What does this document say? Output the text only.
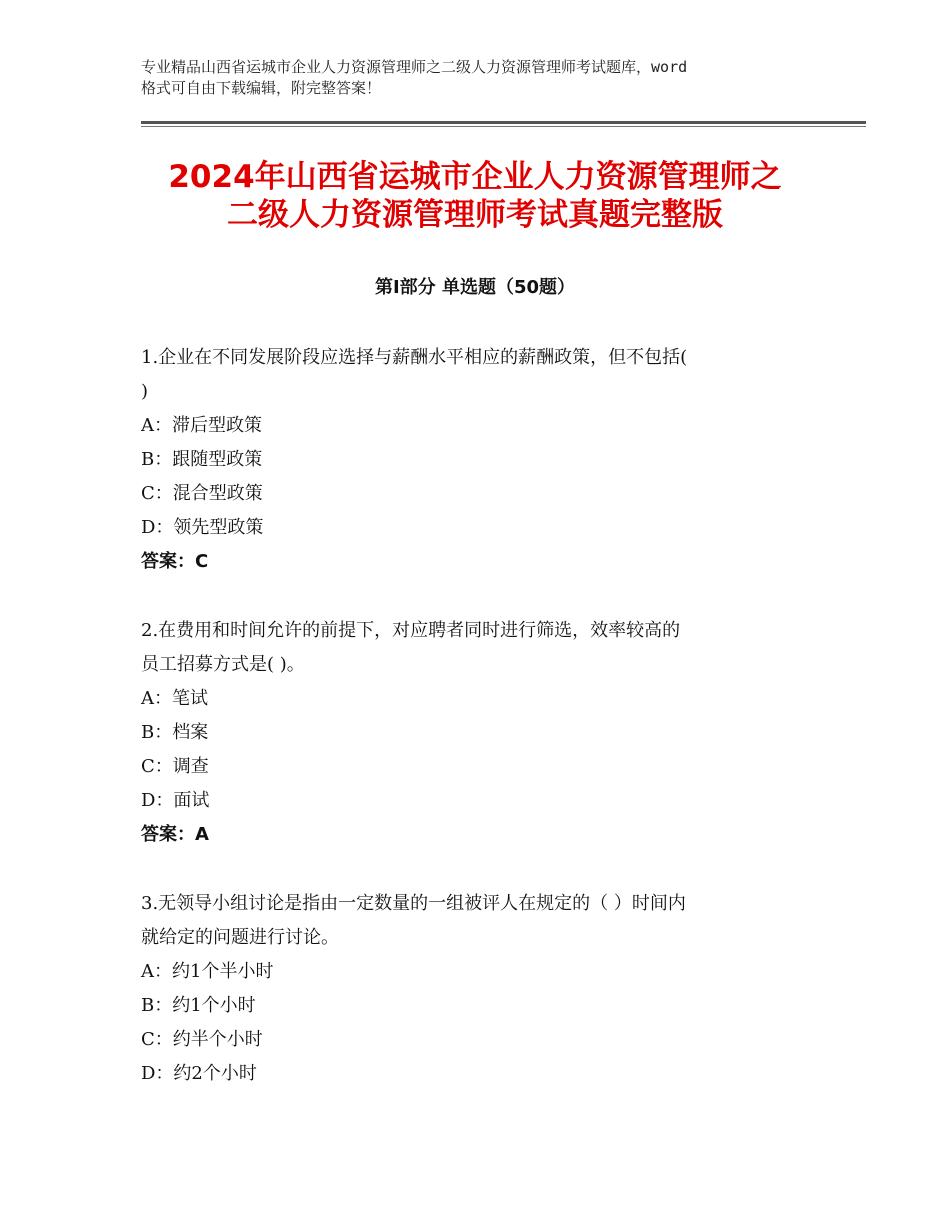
专业精品山西省运城市企业人力资源管理师之二级人力资源管理师考试题库，word
格式可自由下载编辑，附完整答案！
2024年山西省运城市企业人力资源管理师之
二级人力资源管理师考试真题完整版
第Ⅰ部分 单选题（50题）
1.企业在不同发展阶段应选择与薪酬水平相应的薪酬政策，但不包括(
)
A：滞后型政策
B：跟随型政策
C：混合型政策
D：领先型政策
答案：C
2.在费用和时间允许的前提下，对应聘者同时进行筛选，效率较高的
员工招募方式是( )。
A：笔试
B：档案
C：调查
D：面试
答案：A
3.无领导小组讨论是指由一定数量的一组被评人在规定的（ ）时间内
就给定的问题进行讨论。
A：约1个半小时
B：约1个小时
C：约半个小时
D：约2个小时
